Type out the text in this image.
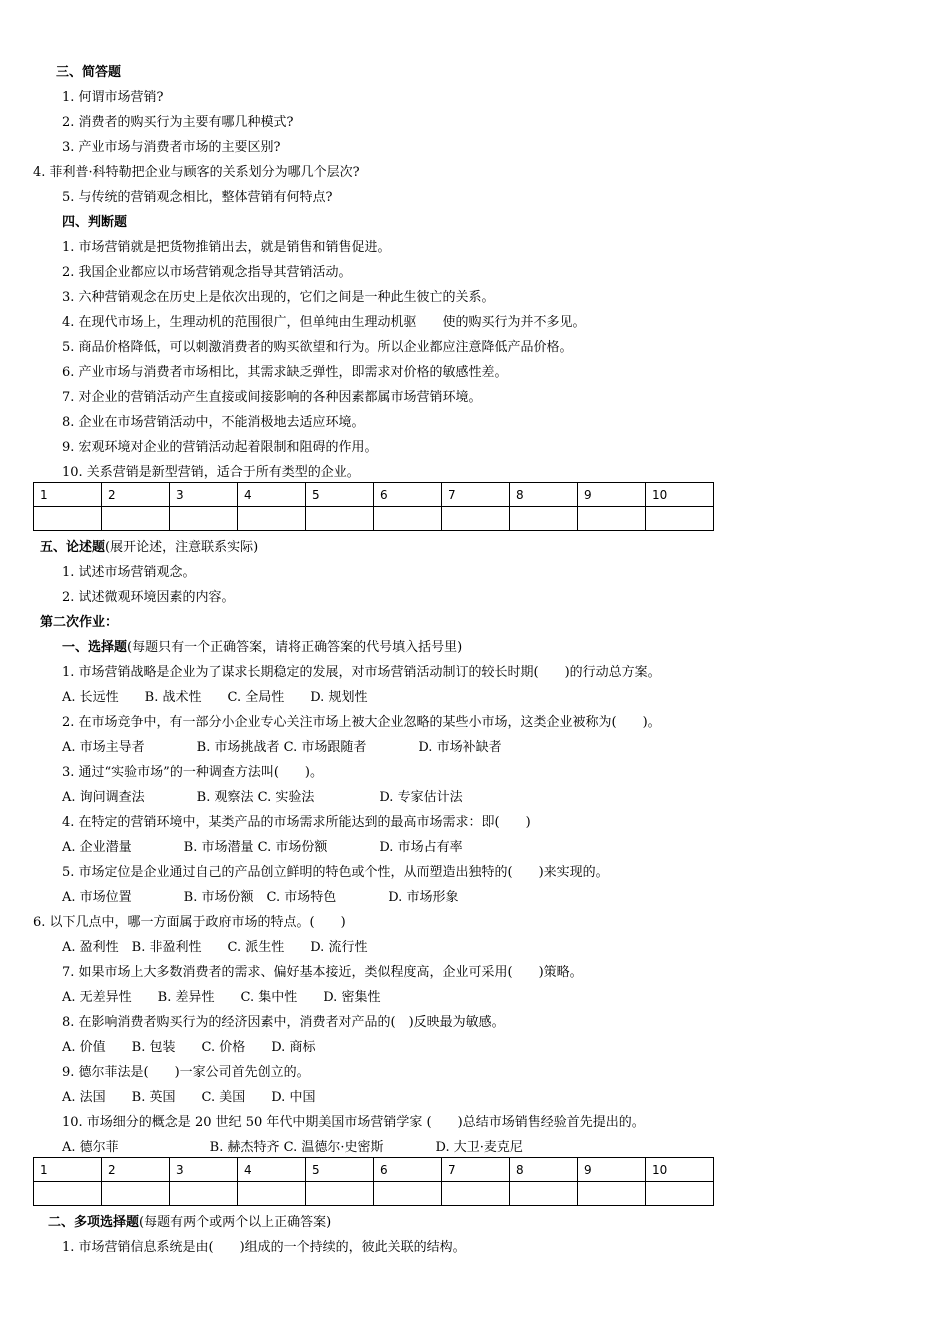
三、简答题
1. 何谓市场营销?
2. 消费者的购买行为主要有哪几种模式?
3. 产业市场与消费者市场的主要区别?
4. 菲利普·科特勒把企业与顾客的关系划分为哪几个层次?
5. 与传统的营销观念相比，整体营销有何特点?
四、判断题
1. 市场营销就是把货物推销出去，就是销售和销售促进。
2. 我国企业都应以市场营销观念指导其营销活动。
3. 六种营销观念在历史上是依次出现的，它们之间是一种此生彼亡的关系。
4. 在现代市场上，生理动机的范围很广，但单纯由生理动机驱　　使的购买行为并不多见。
5. 商品价格降低，可以刺激消费者的购买欲望和行为。所以企业都应注意降低产品价格。
6. 产业市场与消费者市场相比，其需求缺乏弹性，即需求对价格的敏感性差。
7. 对企业的营销活动产生直接或间接影响的各种因素都属市场营销环境。
8. 企业在市场营销活动中，不能消极地去适应环境。
9. 宏观环境对企业的营销活动起着限制和阻碍的作用。
10. 关系营销是新型营销，适合于所有类型的企业。
1	2	3	4	5	6	7	8	9	10

五、论述题(展开论述，注意联系实际)
1. 试述市场营销观念。
2. 试述微观环境因素的内容。
第二次作业：
一、选择题(每题只有一个正确答案，请将正确答案的代号填入括号里)
1. 市场营销战略是企业为了谋求长期稳定的发展，对市场营销活动制订的较长时期(　　)的行动总方案。
A. 长远性　　B. 战术性　　C. 全局性　　D. 规划性
2. 在市场竞争中，有一部分小企业专心关注市场上被大企业忽略的某些小市场，这类企业被称为(　　)。
A. 市场主导者　　　　B. 市场挑战者 C. 市场跟随者　　　　D. 市场补缺者
3. 通过“实验市场”的一种调查方法叫(　　)。
A. 询问调查法　　　　B. 观察法 C. 实验法　　　　　D. 专家估计法
4. 在特定的营销环境中，某类产品的市场需求所能达到的最高市场需求：即(　　)
A. 企业潜量　　　　B. 市场潜量 C. 市场份额　　　　D. 市场占有率
5. 市场定位是企业通过自己的产品创立鲜明的特色或个性，从而塑造出独特的(　　)来实现的。
A. 市场位置　　　　B. 市场份额　C. 市场特色　　　　D. 市场形象
6. 以下几点中，哪一方面属于政府市场的特点。(　　)
A. 盈利性　B. 非盈利性　　C. 派生性　　D. 流行性
7. 如果市场上大多数消费者的需求、偏好基本接近，类似程度高，企业可采用(　　)策略。
A. 无差异性　　B. 差异性　　C. 集中性　　D. 密集性
8. 在影响消费者购买行为的经济因素中，消费者对产品的(　)反映最为敏感。
A. 价值　　B. 包装　　C. 价格　　D. 商标
9. 德尔菲法是(　　)一家公司首先创立的。
A. 法国　　B. 英国　　C. 美国　　D. 中国
10. 市场细分的概念是 20 世纪 50 年代中期美国市场营销学家 (　　)总结市场销售经验首先提出的。
A. 德尔菲　　　　　　　B. 赫杰特齐 C. 温德尔·史密斯　　　　D. 大卫·麦克尼
1	2	3	4	5	6	7	8	9	10

二、多项选择题(每题有两个或两个以上正确答案)
1. 市场营销信息系统是由(　　)组成的一个持续的，彼此关联的结构。
